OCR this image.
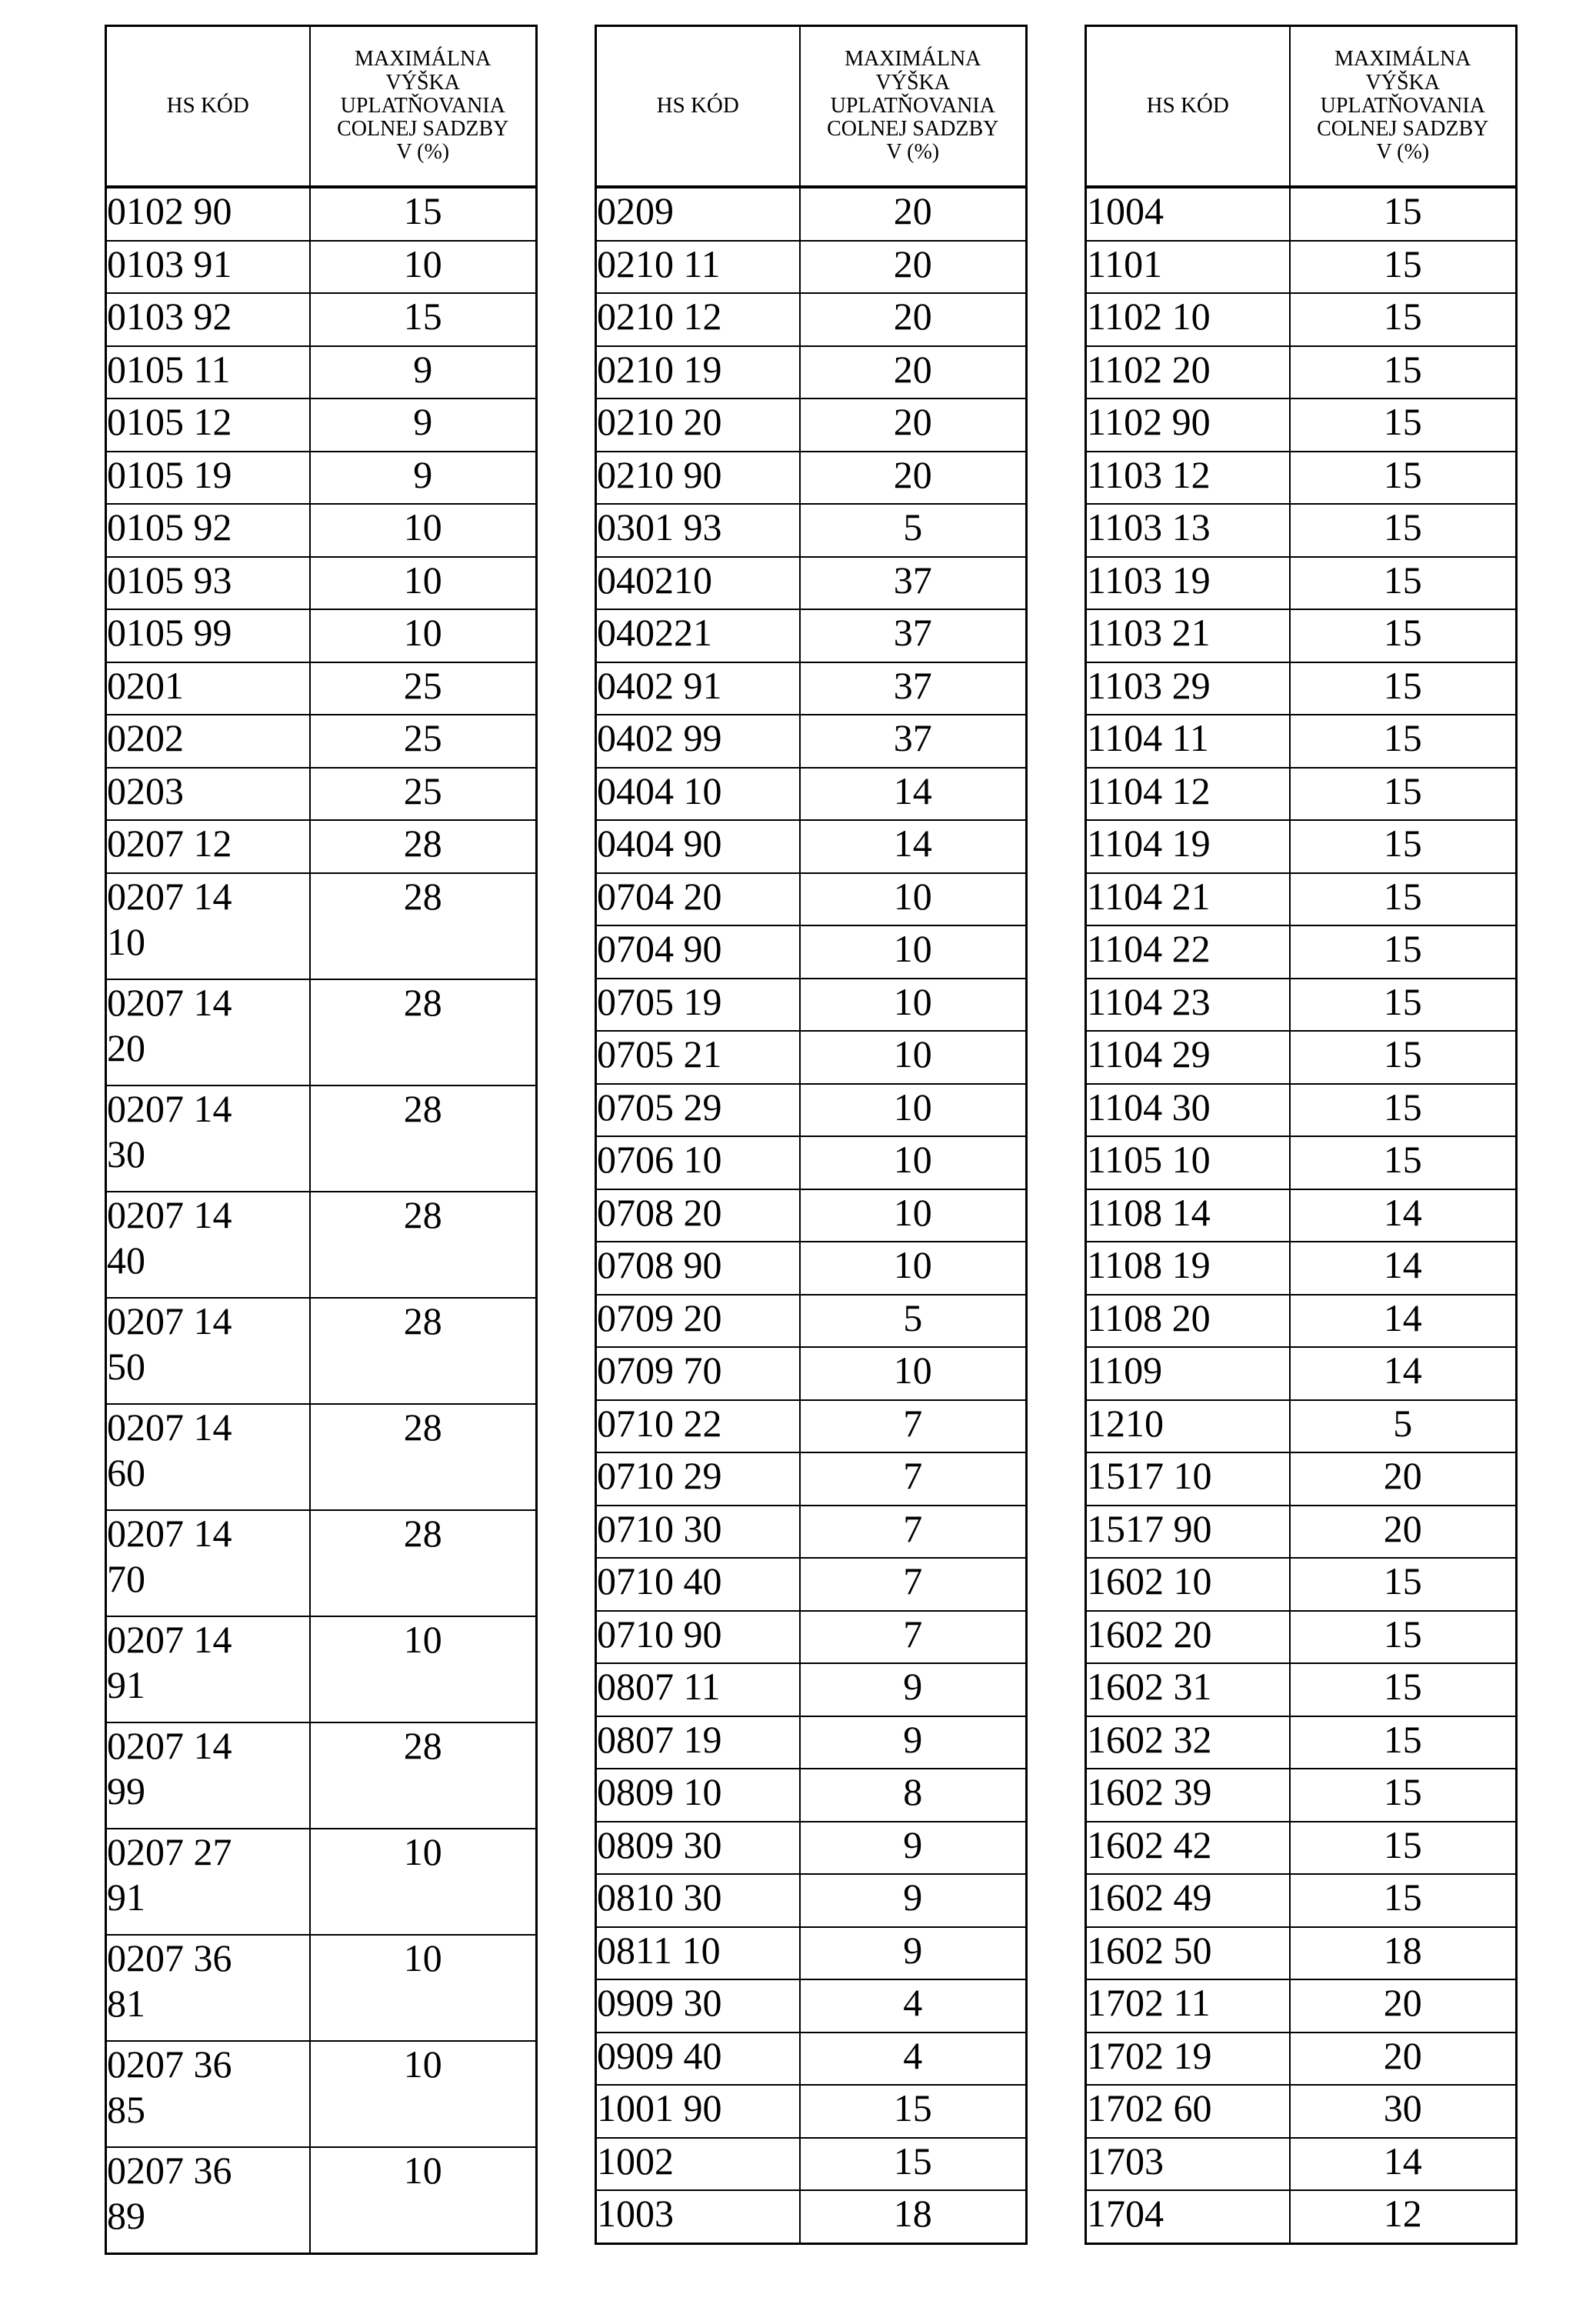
HS KÓD	MAXIMÁLNA
VÝŠKA
UPLATŇOVANIA
COLNEJ SADZBY
V (%)

0102 90	15

0103 91	10

0103 92	15

0105 11	9

0105 12	9

0105 19	9

0105 92	10

0105 93	10

0105 99	10

0201	25

0202	25

0203	25

0207 12	28

0207 14
10	28

0207 14
20	28

0207 14
30	28

0207 14
40	28

0207 14
50	28

0207 14
60	28

0207 14
70	28

0207 14
91	10

0207 14
99	28

0207 27
91	10

0207 36
81	10

0207 36
85	10

0207 36
89	10
HS KÓD	MAXIMÁLNA
VÝŠKA
UPLATŇOVANIA
COLNEJ SADZBY
V (%)

0209	20

0210 11	20

0210 12	20

0210 19	20

0210 20	20

0210 90	20

0301 93	5

040210	37

040221	37

0402 91	37

0402 99	37

0404 10	14

0404 90	14

0704 20	10

0704 90	10

0705 19	10

0705 21	10

0705 29	10

0706 10	10

0708 20	10

0708 90	10

0709 20	5

0709 70	10

0710 22	7

0710 29	7

0710 30	7

0710 40	7

0710 90	7

0807 11	9

0807 19	9

0809 10	8

0809 30	9

0810 30	9

0811 10	9

0909 30	4

0909 40	4

1001 90	15

1002	15

1003	18
HS KÓD	MAXIMÁLNA
VÝŠKA
UPLATŇOVANIA
COLNEJ SADZBY
V (%)

1004	15

1101	15

1102 10	15

1102 20	15

1102 90	15

1103 12	15

1103 13	15

1103 19	15

1103 21	15

1103 29	15

1104 11	15

1104 12	15

1104 19	15

1104 21	15

1104 22	15

1104 23	15

1104 29	15

1104 30	15

1105 10	15

1108 14	14

1108 19	14

1108 20	14

1109	14

1210	5

1517 10	20

1517 90	20

1602 10	15

1602 20	15

1602 31	15

1602 32	15

1602 39	15

1602 42	15

1602 49	15

1602 50	18

1702 11	20

1702 19	20

1702 60	30

1703	14

1704	12
